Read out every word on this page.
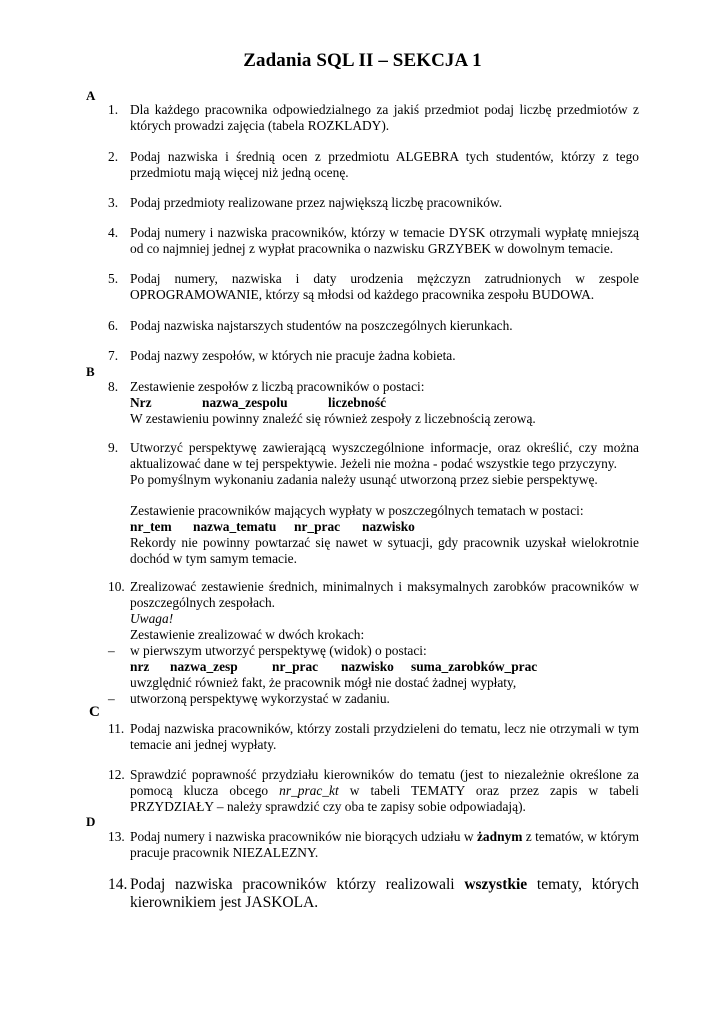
Zadania SQL II – SEKCJA 1
A
1. Dla każdego pracownika odpowiedzialnego za jakiś przedmiot podaj liczbę przedmiotów z których prowadzi zajęcia (tabela ROZKLADY).
2. Podaj nazwiska i średnią ocen z przedmiotu ALGEBRA tych studentów, którzy z tego przedmiotu mają więcej niż jedną ocenę.
3. Podaj przedmioty realizowane przez największą liczbę pracowników.
4. Podaj numery i nazwiska pracowników, którzy w temacie DYSK otrzymali wypłatę mniejszą od co najmniej jednej z wypłat pracownika o nazwisku GRZYBEK w dowolnym temacie.
5. Podaj numery, nazwiska i daty urodzenia mężczyzn zatrudnionych w zespole OPROGRAMOWANIE, którzy są młodsi od każdego pracownika zespołu BUDOWA.
6. Podaj nazwiska najstarszych studentów na poszczególnych kierunkach.
7. Podaj nazwy zespołów, w których nie pracuje żadna kobieta.
B
8. Zestawienie zespołów z liczbą pracowników o postaci:
Nrz	nazwa_zespolu	liczebność
W zestawieniu powinny znaleźć się również zespoły z liczebnością zerową.
9. Utworzyć perspektywę zawierającą wyszczególnione informacje, oraz określić, czy można aktualizować dane w tej perspektywie. Jeżeli nie można - podać wszystkie tego przyczyny.
Po pomyślnym wykonaniu zadania należy usunąć utworzoną przez siebie perspektywę.
Zestawienie pracowników mających wypłaty w poszczególnych tematach w postaci:
nr_tem nazwa_tematu nr_prac nazwisko
Rekordy nie powinny powtarzać się nawet w sytuacji, gdy pracownik uzyskał wielokrotnie dochód w tym samym temacie.
10. Zrealizować zestawienie średnich, minimalnych i maksymalnych zarobków pracowników w poszczególnych zespołach.
Uwaga!
Zestawienie zrealizować w dwóch krokach:
– w pierwszym utworzyć perspektywę (widok) o postaci:
nrz nazwa_zesp	nr_prac nazwisko suma_zarobków_prac
uwzględnić również fakt, że pracownik mógł nie dostać żadnej wypłaty,
– utworzoną perspektywę wykorzystać w zadaniu.
C
11. Podaj nazwiska pracowników, którzy zostali przydzieleni do tematu, lecz nie otrzymali w tym temacie ani jednej wypłaty.
12. Sprawdzić poprawność przydziału kierowników do tematu (jest to niezależnie określone za pomocą klucza obcego nr_prac_kt w tabeli TEMATY oraz przez zapis w tabeli PRZYDZIAŁY – należy sprawdzić czy oba te zapisy sobie odpowiadają).
D
13. Podaj numery i nazwiska pracowników nie biorących udziału w żadnym z tematów, w którym pracuje pracownik NIEZALEZNY.
14. Podaj nazwiska pracowników którzy realizowali wszystkie tematy, których kierownikiem jest JASKOLA.
